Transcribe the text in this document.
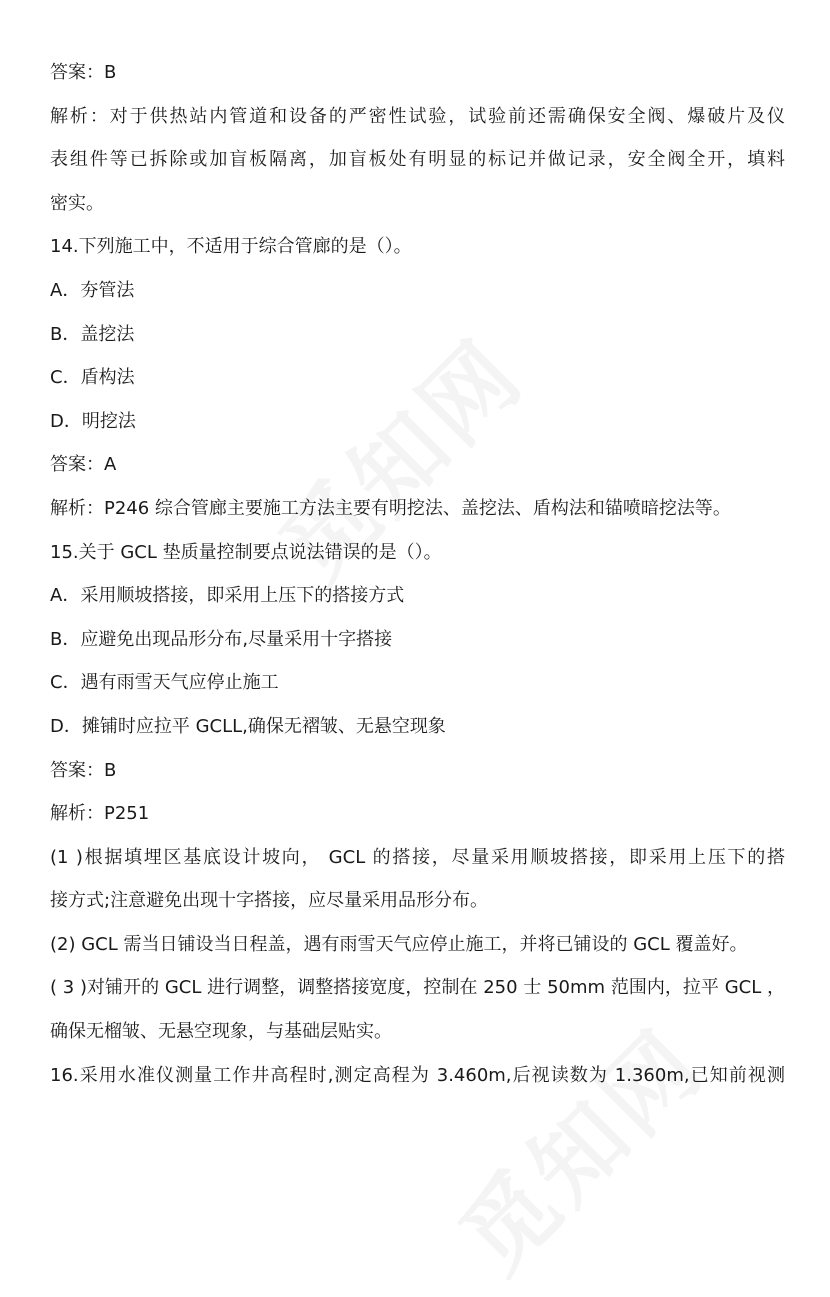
答案：B
解析：对于供热站内管道和设备的严密性试验，试验前还需确保安全阀、爆破片及仪
表组件等已拆除或加盲板隔离，加盲板处有明显的标记并做记录，安全阀全开，填料
密实。
14.下列施工中，不适用于综合管廊的是（）。
A．夯管法
B．盖挖法
C．盾构法
D．明挖法
答案：A
解析：P246 综合管廊主要施工方法主要有明挖法、盖挖法、盾构法和锚喷暗挖法等。
15.关于 GCL 垫质量控制要点说法错误的是（）。
A．采用顺坡搭接，即采用上压下的搭接方式
B．应避免出现品形分布,尽量采用十字搭接
C．遇有雨雪天气应停止施工
D．摊铺时应拉平 GCLL,确保无褶皱、无悬空现象
答案：B
解析：P251
(1 )根据填埋区基底设计坡向， GCL 的搭接，尽量采用顺坡搭接，即采用上压下的搭
接方式;注意避免出现十字搭接，应尽量采用品形分布。
(2) GCL 需当日铺设当日程盖，遇有雨雪天气应停止施工，并将已铺设的 GCL 覆盖好。
( 3 )对铺开的 GCL 进行调整，调整搭接宽度，控制在 250 士 50mm 范围内，拉平 GCL ，
确保无榴皱、无悬空现象，与基础层贴实。
16.采用水准仪测量工作井高程时,测定高程为 3.460m,后视读数为 1.360m,已知前视测
